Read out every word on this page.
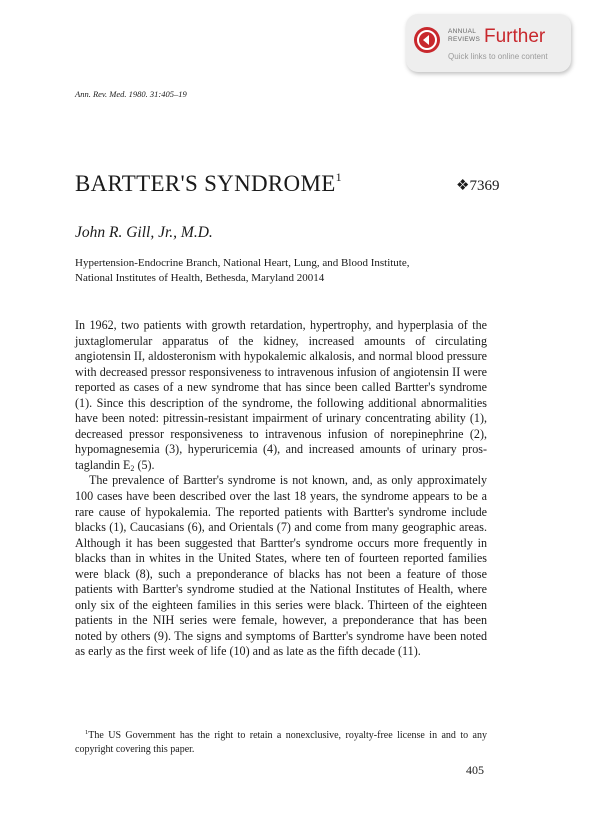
ANNUAL
REVIEWS Further
Quick links to online content
Ann. Rev. Med. 1980. 31:405–19
BARTTER'S SYNDROME$^1$
❖7369
John R. Gill, Jr., M.D.
Hypertension-Endocrine Branch, National Heart, Lung, and Blood Institute,
National Institutes of Health, Bethesda, Maryland 20014

In 1962, two patients with growth retardation, hypertrophy, and hyperplasia of the juxtaglomerular apparatus of the kidney, increased amounts of circulating angiotensin II, aldosteronism with hypokalemic alkalosis, and normal blood pressure with decreased pressor responsiveness to intravenous infusion of angiotensin II were reported as cases of a new syndrome that has since been called Bartter's syndrome (1). Since this description of the syndrome, the following additional abnormalities have been noted: pitressin-resistant impairment of urinary concentrating ability (1), decreased pressor responsiveness to intravenous infusion of norepinephrine (2), hypomagnesemia (3), hyperuricemia (4), and increased amounts of urinary prostaglandin $E_2$ (5).

The prevalence of Bartter's syndrome is not known, and, as only approximately 100 cases have been described over the last 18 years, the syndrome appears to be a rare cause of hypokalemia. The reported patients with Bartter's syndrome include blacks (1), Caucasians (6), and Orientals (7) and come from many geographic areas. Although it has been suggested that Bartter's syndrome occurs more frequently in blacks than in whites in the United States, where ten of fourteen reported families were black (8), such a preponderance of blacks has not been a feature of those patients with Bartter's syndrome studied at the National Institutes of Health, where only six of the eighteen families in this series were black. Thirteen of the eighteen patients in the NIH series were female, however, a preponderance that has been noted by others (9). The signs and symptoms of Bartter's syndrome have been noted as early as the first week of life (10) and as late as the fifth decade (11).

$^1$The US Government has the right to retain a nonexclusive, royalty-free license in and to any copyright covering this paper.
405
